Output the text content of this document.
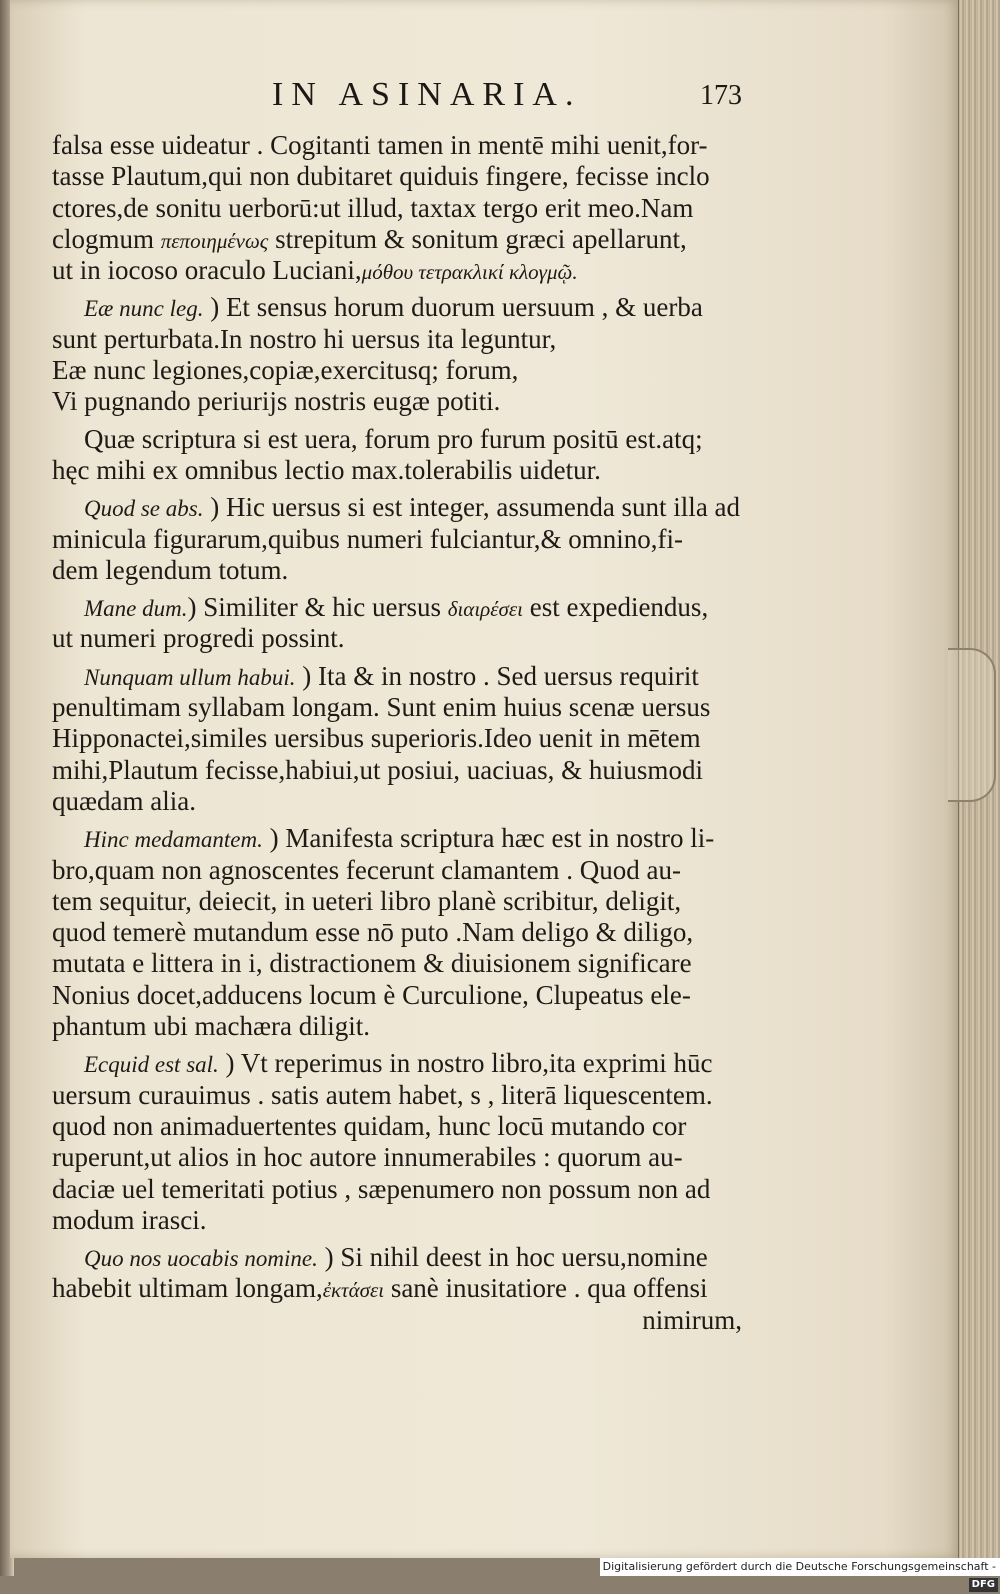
IN ASINARIA.	173
falsa esse uideatur . Cogitanti tamen in mentē mihi uenit,for-
tasse Plautum,qui non dubitaret quiduis fingere, fecisse inclo
ctores,de sonitu uerborū:ut illud, taxtax tergo erit meo.Nam
clogmum πεποιημένως strepitum & sonitum græci apellarunt,
ut in iocoso oraculo Luciani,μόθου τετρακλικί κλογμῷ.
Eæ nunc leg. ) Et sensus horum duorum uersuum , & uerba
sunt perturbata.In nostro hi uersus ita leguntur,
Eæ nunc legiones,copiæ,exercitusq; forum,
Vi pugnando periurijs nostris eugæ potiti.
Quæ scriptura si est uera, forum pro furum positū est.atq;
hęc mihi ex omnibus lectio max.tolerabilis uidetur.
Quod se abs. ) Hic uersus si est integer, assumenda sunt illa ad
minicula figurarum,quibus numeri fulciantur,& omnino,fi-
dem legendum totum.
Mane dum.) Similiter & hic uersus διαιρέσει est expediendus,
ut numeri progredi possint.
Nunquam ullum habui. ) Ita & in nostro . Sed uersus requirit
penultimam syllabam longam. Sunt enim huius scenæ uersus
Hipponactei,similes uersibus superioris.Ideo uenit in mētem
mihi,Plautum fecisse,habiui,ut posiui, uaciuas, & huiusmodi
quædam alia.
Hinc medamantem. ) Manifesta scriptura hæc est in nostro li-
bro,quam non agnoscentes fecerunt clamantem . Quod au-
tem sequitur, deiecit, in ueteri libro planè scribitur, deligit,
quod temerè mutandum esse nō puto .Nam deligo & diligo,
mutata e littera in i, distractionem & diuisionem significare
Nonius docet,adducens locum è Curculione, Clupeatus ele-
phantum ubi machæra diligit.
Ecquid est sal. ) Vt reperimus in nostro libro,ita exprimi hūc
uersum curauimus . satis autem habet, s , literā liquescentem.
quod non animaduertentes quidam, hunc locū mutando cor
ruperunt,ut alios in hoc autore innumerabiles : quorum au-
daciæ uel temeritati potius , sæpenumero non possum non ad
modum irasci.
Quo nos uocabis nomine. ) Si nihil deest in hoc uersu,nomine
habebit ultimam longam,ἐκτάσει sanè inusitatiore . qua offensi
nimirum,
Digitalisierung gefördert durch die Deutsche Forschungsgemeinschaft -DFG
